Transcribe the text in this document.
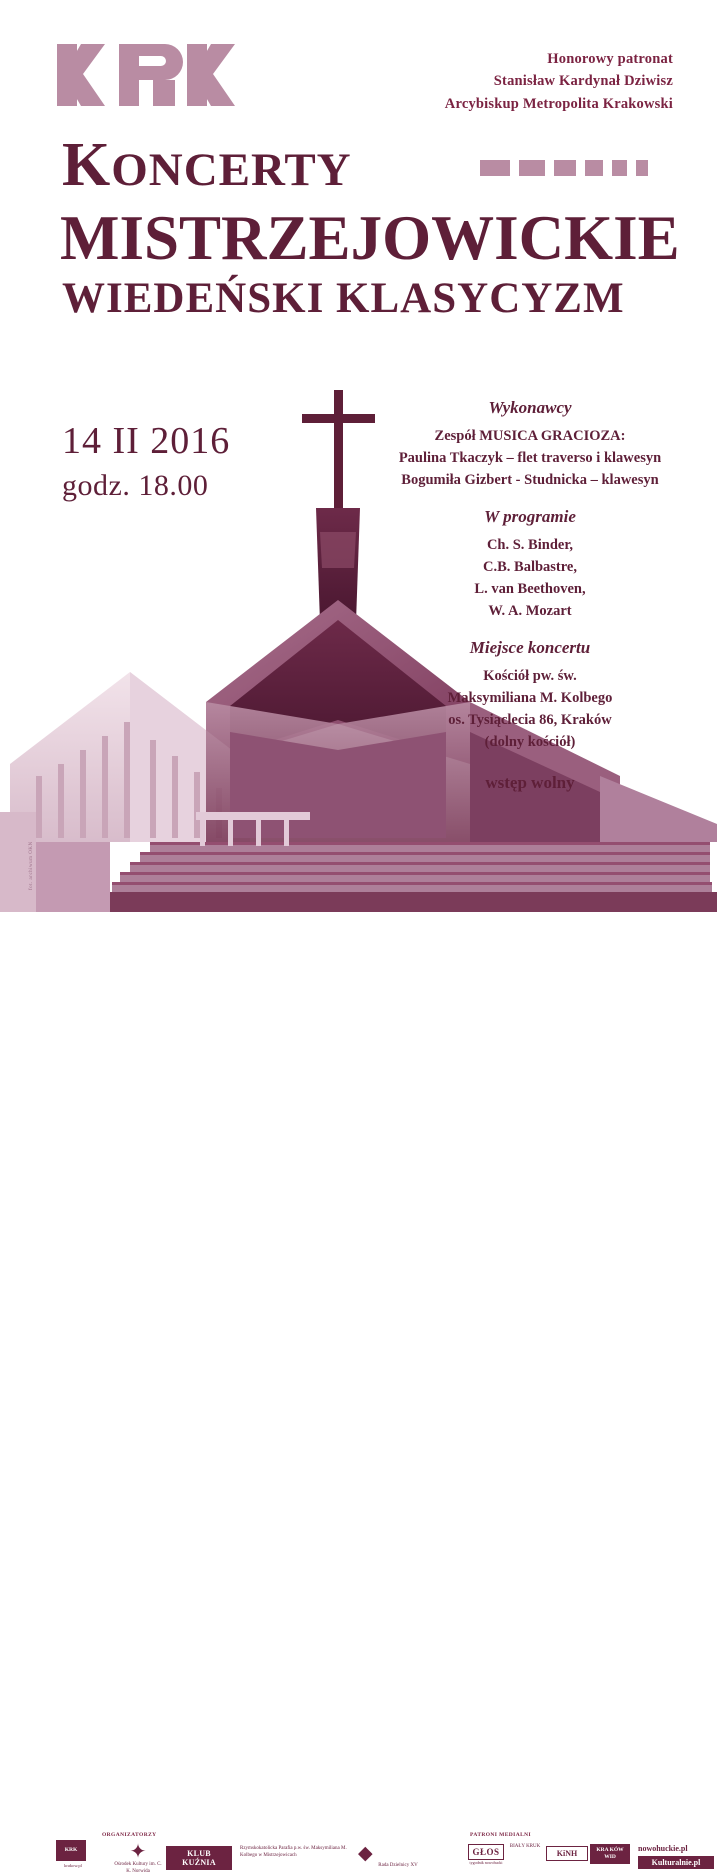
Honorowy patronat
Stanisław Kardynał Dziwisz
Arcybiskup Metropolita Krakowski
KONCERTY
MISTRZEJOWICKIE
WIEDEŃSKI KLASYCYZM
fot. archiwum OKN
14 II 2016
godz. 18.00
Wykonawcy
Zespół MUSICA GRACIOZA:
Paulina Tkaczyk – flet traverso i klawesyn
Bogumiła Gizbert - Studnicka – klawesyn
W programie
Ch. S. Binder,
C.B. Balbastre,
L. van Beethoven,
W. A. Mozart
Miejsce koncertu
Kościół pw. św.
Maksymiliana M. Kolbego
os. Tysiąclecia 86, Kraków
(dolny kościół)
wstęp wolny
ORGANIZATORZY	PATRONI MEDIALNI
KRK
krakow.pl
✦
Ośrodek Kultury im. C. K. Norwida
KLUB KUŹNIA
Rzymskokatolicka Parafia p.w. św. Maksymiliana M. Kolbego w Mistrzejowicach	◆
Rada Dzielnicy XV
GŁOS
tygodnik nowohucki
BIAŁY KRUK
KiNH	KRA KÓW WID
nowohuckie.pl
Kulturalnie.pl
